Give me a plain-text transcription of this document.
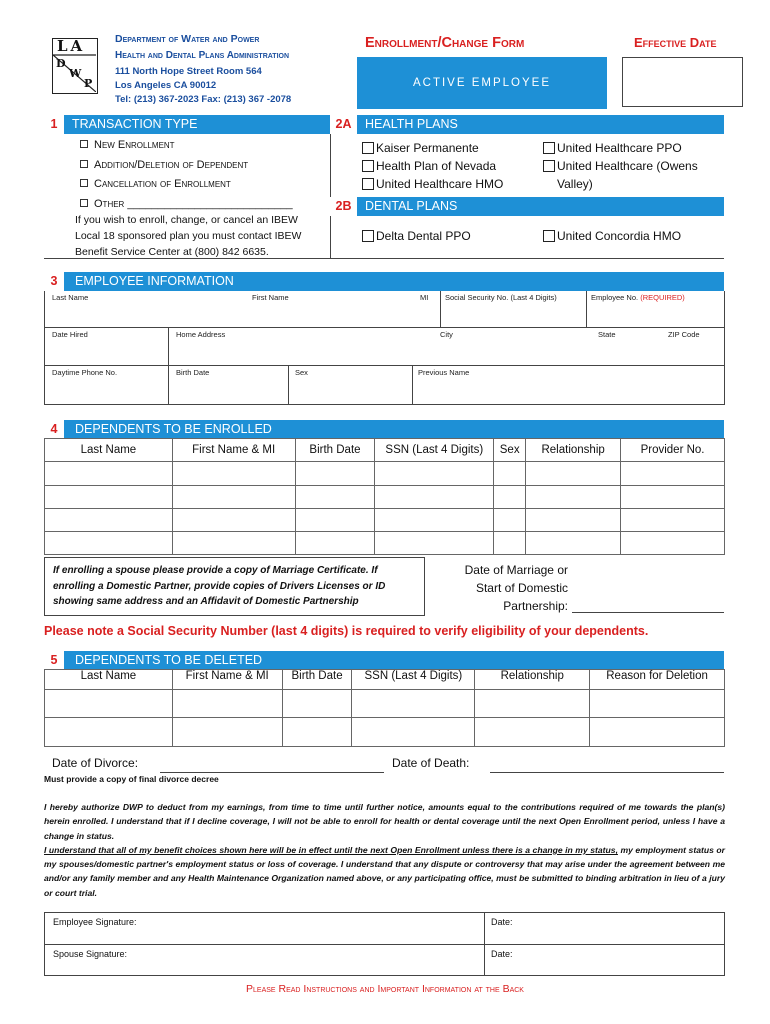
LA
D
W
P
Department of Water and Power
Health and Dental Plans Administration
111 North Hope Street Room 564
Los Angeles CA 90012
Tel: (213) 367-2023 Fax: (213) 367 -2078
Enrollment/Change Form
ACTIVE EMPLOYEE
Effective Date
TRANSACTION TYPE
1
New Enrollment
Addition/Deletion of Dependent
Cancellation of Enrollment
Other ___________________________
If you wish to enroll, change, or cancel an IBEW Local 18 sponsored plan you must contact IBEW Benefit Service Center at (800) 842 6635.
HEALTH PLANS
2A
Kaiser Permanente
Health Plan of Nevada
United Healthcare HMO
United Healthcare PPO
United Healthcare (Owens Valley)
DENTAL PLANS
2B
Delta Dental PPO	United Concordia HMO
EMPLOYEE INFORMATION
3
Last Name	First Name	MI Social Security No. (Last 4 Digits)	Employee No. (REQUIRED)
Date Hired	Home Address	City	State	ZIP Code
Daytime Phone No.	Birth Date	Sex	Previous Name
DEPENDENTS TO BE ENROLLED
4
Last Name	First Name & MI	Birth Date	SSN (Last 4 Digits)	Sex	Relationship	Provider No.

If enrolling a spouse please provide a copy of Marriage Certificate. If enrolling a Domestic Partner, provide copies of Drivers Licenses or ID showing same address and an Affidavit of Domestic Partnership
Date of Marriage or
Start of Domestic
Partnership:
Please note a Social Security Number (last 4 digits) is required to verify eligibility of your dependents.
DEPENDENTS TO BE DELETED
5
Last Name	First Name & MI	Birth Date	SSN (Last 4 Digits)	Relationship	Reason for Deletion

Date of Divorce:	Date of Death:
Must provide a copy of final divorce decree
I hereby authorize DWP to deduct from my earnings, from time to time until further notice, amounts equal to the contributions required of me towards the plan(s) herein enrolled. I understand that if I decline coverage, I will not be able to enroll for health or dental coverage until the next Open Enrollment period, unless I have a change in status.
I understand that all of my benefit choices shown here will be in effect until the next Open Enrollment unless there is a change in my status, my employment status or my spouses/domestic partner's employment status or loss of coverage. I understand that any dispute or controversy that may arise under the agreement between me and/or any family member and any Health Maintenance Organization named above, or any participating office, must be submitted to binding arbitration in lieu of a jury or court trial.
Employee Signature:	Date:
Spouse Signature:	Date:
Please Read Instructions and Important Information at the Back
